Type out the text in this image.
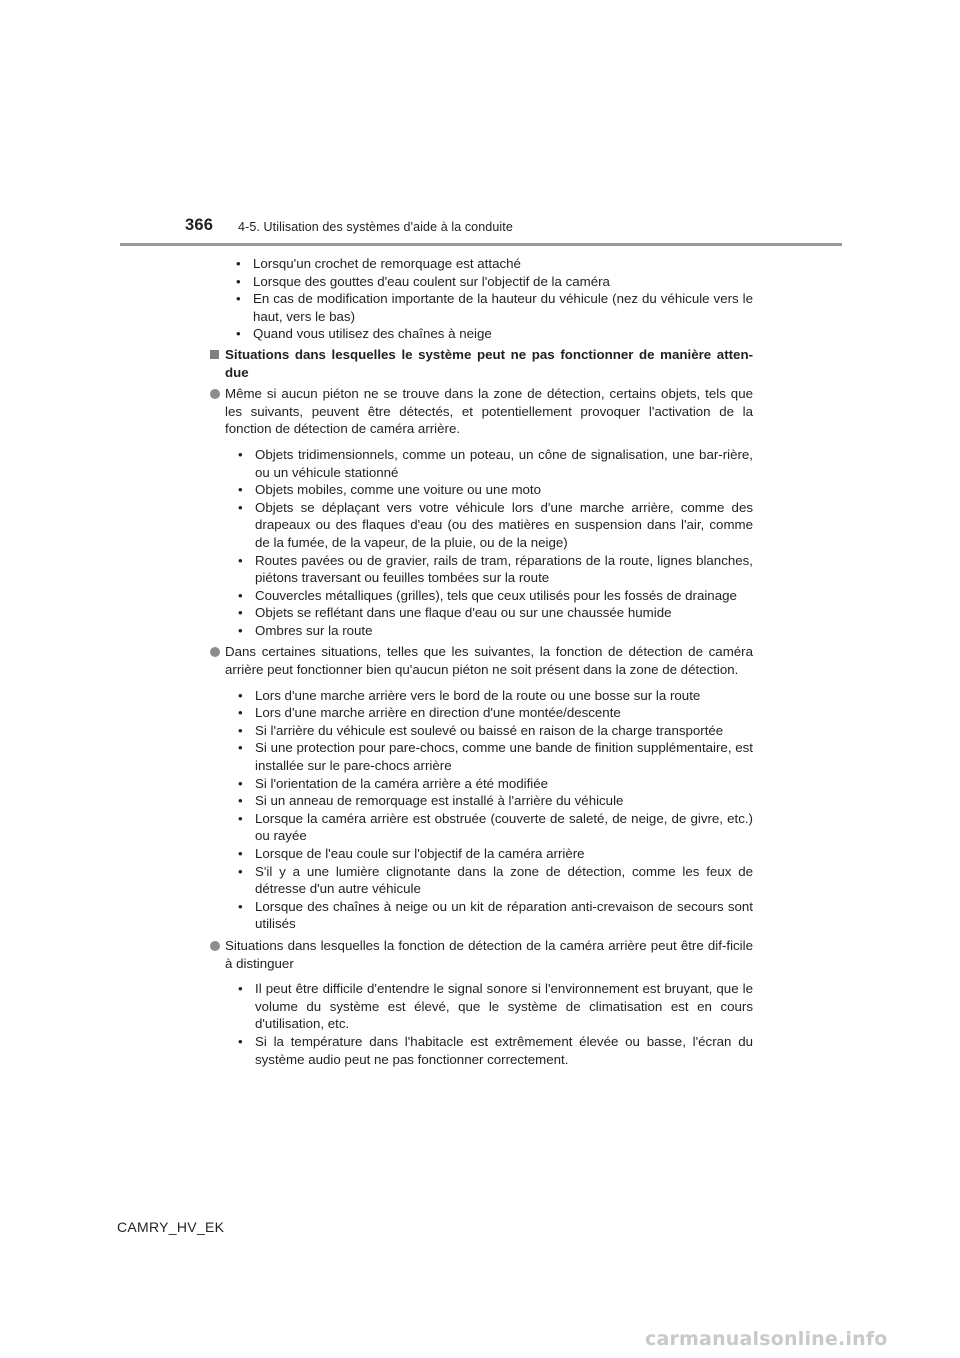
366 4-5. Utilisation des systèmes d'aide à la conduite
• Lorsqu'un crochet de remorquage est attaché
• Lorsque des gouttes d'eau coulent sur l'objectif de la caméra
• En cas de modification importante de la hauteur du véhicule (nez du véhicule vers le haut, vers le bas)
• Quand vous utilisez des chaînes à neige
Situations dans lesquelles le système peut ne pas fonctionner de manière atten-due
Même si aucun piéton ne se trouve dans la zone de détection, certains objets, tels que les suivants, peuvent être détectés, et potentiellement provoquer l'activation de la fonction de détection de caméra arrière.
• Objets tridimensionnels, comme un poteau, un cône de signalisation, une bar-rière, ou un véhicule stationné
• Objets mobiles, comme une voiture ou une moto
• Objets se déplaçant vers votre véhicule lors d'une marche arrière, comme des drapeaux ou des flaques d'eau (ou des matières en suspension dans l'air, comme de la fumée, de la vapeur, de la pluie, ou de la neige)
• Routes pavées ou de gravier, rails de tram, réparations de la route, lignes blanches, piétons traversant ou feuilles tombées sur la route
• Couvercles métalliques (grilles), tels que ceux utilisés pour les fossés de drainage
• Objets se reflétant dans une flaque d'eau ou sur une chaussée humide
• Ombres sur la route
Dans certaines situations, telles que les suivantes, la fonction de détection de caméra arrière peut fonctionner bien qu'aucun piéton ne soit présent dans la zone de détection.
• Lors d'une marche arrière vers le bord de la route ou une bosse sur la route
• Lors d'une marche arrière en direction d'une montée/descente
• Si l'arrière du véhicule est soulevé ou baissé en raison de la charge transportée
• Si une protection pour pare-chocs, comme une bande de finition supplémentaire, est installée sur le pare-chocs arrière
• Si l'orientation de la caméra arrière a été modifiée
• Si un anneau de remorquage est installé à l'arrière du véhicule
• Lorsque la caméra arrière est obstruée (couverte de saleté, de neige, de givre, etc.) ou rayée
• Lorsque de l'eau coule sur l'objectif de la caméra arrière
• S'il y a une lumière clignotante dans la zone de détection, comme les feux de détresse d'un autre véhicule
• Lorsque des chaînes à neige ou un kit de réparation anti-crevaison de secours sont utilisés
Situations dans lesquelles la fonction de détection de la caméra arrière peut être dif-ficile à distinguer
• Il peut être difficile d'entendre le signal sonore si l'environnement est bruyant, que le volume du système est élevé, que le système de climatisation est en cours d'utilisation, etc.
• Si la température dans l'habitacle est extrêmement élevée ou basse, l'écran du système audio peut ne pas fonctionner correctement.
CAMRY_HV_EK
carmanualsonline.info
